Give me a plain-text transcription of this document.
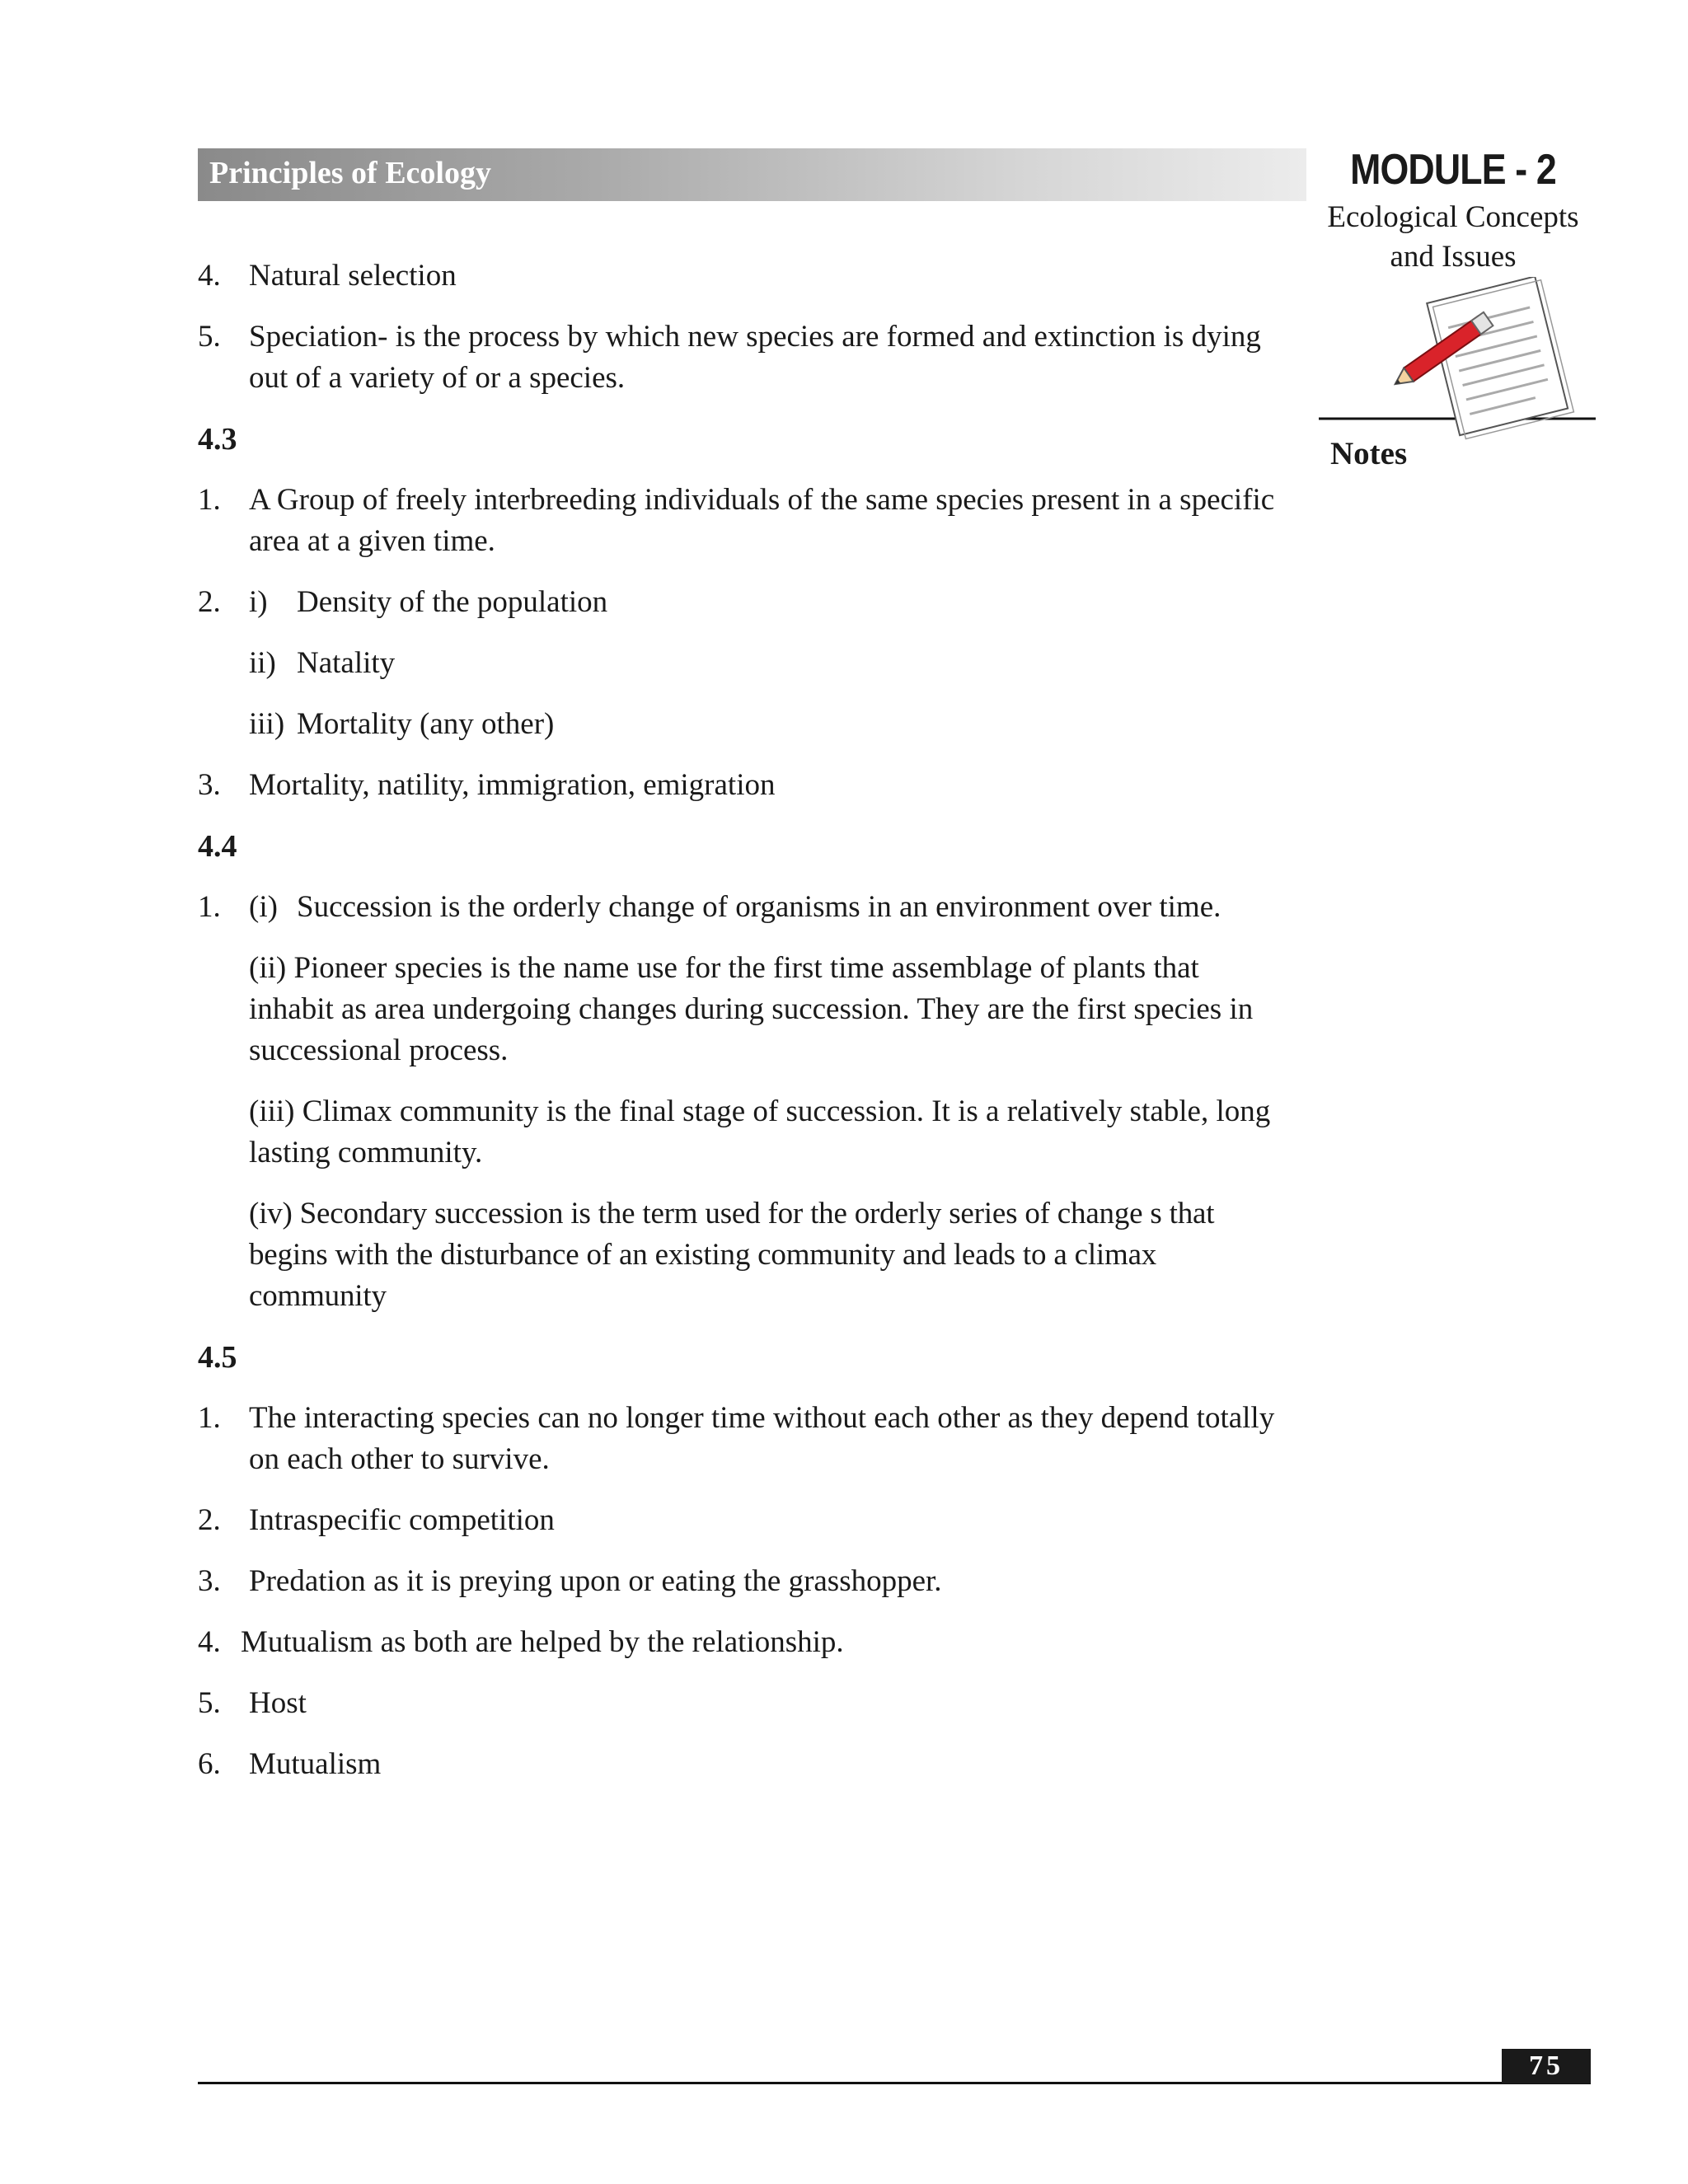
Principles of Ecology	MODULE - 2
Ecological Concepts
and Issues
Notes
4. Natural selection
5. Speciation- is the process by which new species are formed and extinction is dying out of a variety of or a species.
4.3
1. A Group of freely interbreeding individuals of the same species present in a specific area at a given time.
2. i) Density of the population
ii) Natality
iii) Mortality (any other)
3. Mortality, natility, immigration, emigration
4.4
1. (i) Succession is the orderly change of organisms in an environment over time.
(ii) Pioneer species is the name use for the first time assemblage of plants that inhabit as area undergoing changes during succession. They are the first species in successional process.
(iii) Climax community is the final stage of succession. It is a relatively stable, long lasting community.
(iv) Secondary succession is the term used for the orderly series of change s that begins with the disturbance of an existing community and leads to a climax community
4.5
1. The interacting species can no longer time without each other as they depend totally on each other to survive.
2. Intraspecific competition
3. Predation as it is preying upon or eating the grasshopper.
4. Mutualism as both are helped by the relationship.
5. Host
6. Mutualism
75
